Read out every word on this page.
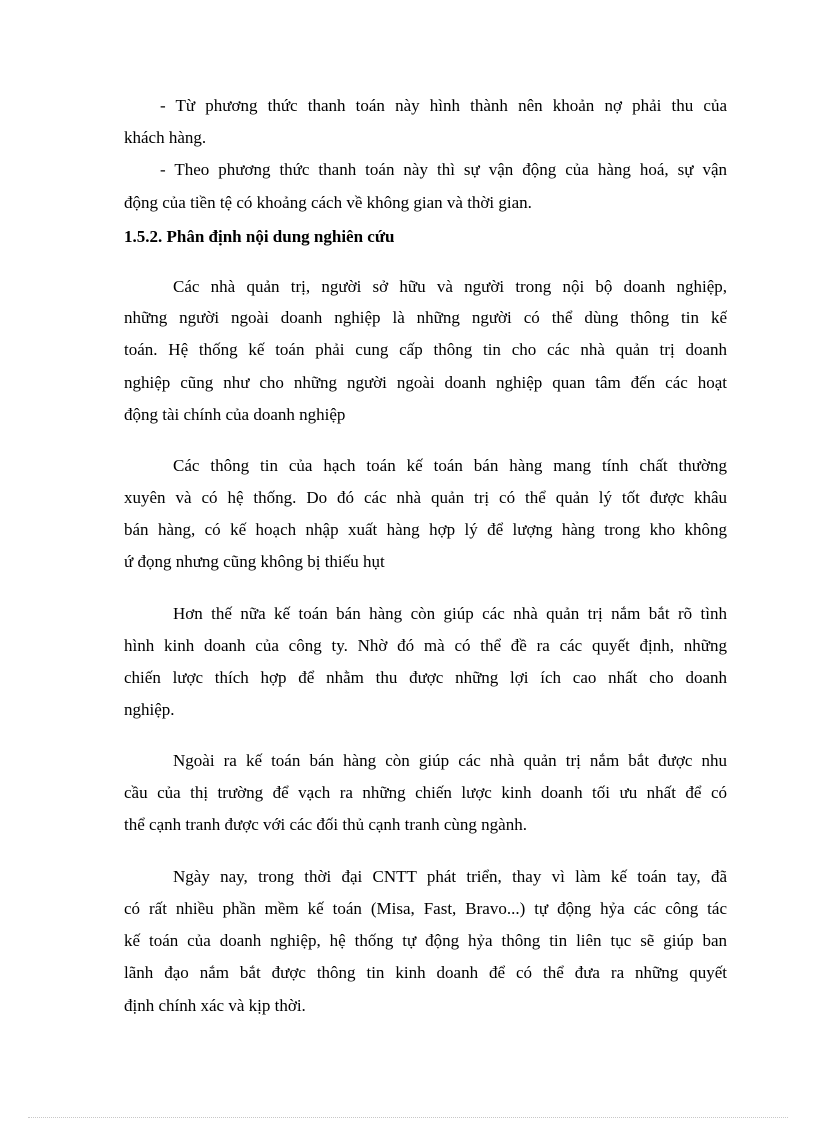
- Từ phương thức thanh toán này hình thành nên khoản nợ phải thu của
khách hàng.
- Theo phương thức thanh toán này thì sự vận động của hàng hoá, sự vận
động của tiền tệ có khoảng cách về không gian và thời gian.
1.5.2. Phân định nội dung nghiên cứu
Các nhà quản trị, người sở hữu và người trong nội bộ doanh nghiệp,
những người ngoài doanh nghiệp là những người có thể dùng thông tin kế
toán. Hệ thống kế toán phải cung cấp thông tin cho các nhà quản trị doanh
nghiệp cũng như cho những người ngoài doanh nghiệp quan tâm đến các hoạt
động tài chính của doanh nghiệp
Các thông tin của hạch toán kế toán bán hàng mang tính chất thường
xuyên và có hệ thống. Do đó các nhà quản trị có thể quản lý tốt được khâu
bán hàng, có kế hoạch nhập xuất hàng hợp lý để lượng hàng trong kho không
ứ đọng nhưng cũng không bị thiếu hụt
Hơn thế nữa kế toán bán hàng còn giúp các nhà quản trị nắm bắt rõ tình
hình kinh doanh của công ty. Nhờ đó mà có thể đề ra các quyết định, những
chiến lược thích hợp để nhằm thu được những lợi ích cao nhất cho doanh
nghiệp.
Ngoài ra kế toán bán hàng còn giúp các nhà quản trị nắm bắt được nhu
cầu của thị trường để vạch ra những chiến lược kinh doanh tối ưu nhất để có
thể cạnh tranh được với các đối thủ cạnh tranh cùng ngành.
Ngày nay, trong thời đại CNTT phát triển, thay vì làm kế toán tay, đã
có rất nhiều phần mềm kế toán (Misa, Fast, Bravo...) tự động hỷa các công tác
kế toán của doanh nghiệp, hệ thống tự động hỷa thông tin liên tục sẽ giúp ban
lãnh đạo nắm bắt được thông tin kinh doanh để có thể đưa ra những quyết
định chính xác và kịp thời.
